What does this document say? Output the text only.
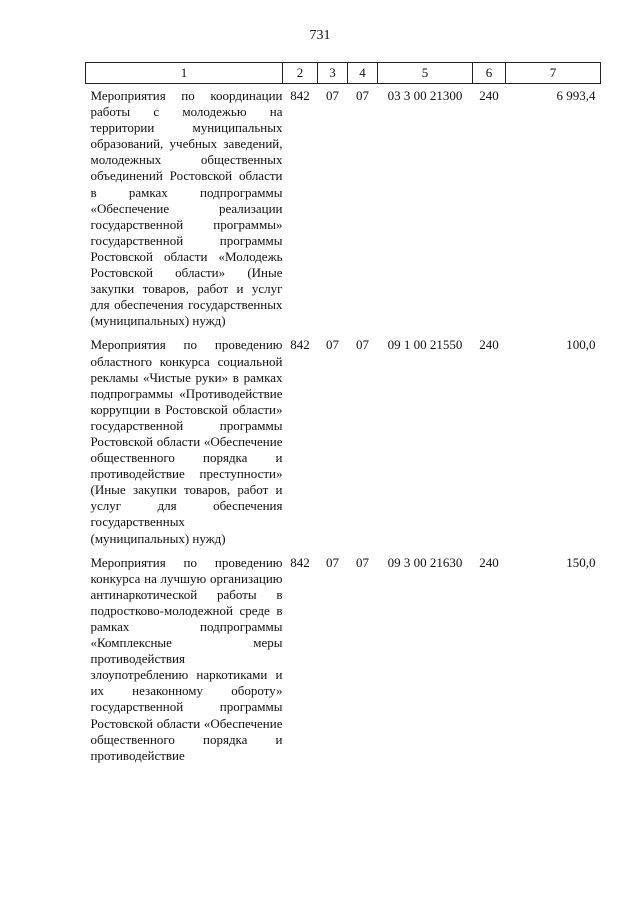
731
1	2	3	4	5	6	7
Мероприятия по координации работы с молодежью на территории муниципальных образований, учебных заведений, молодежных общественных объединений Ростовской области в рамках подпрограммы «Обеспечение реализации государственной программы» государственной программы Ростовской области «Молодежь Ростовской области» (Иные закупки товаров, работ и услуг для обеспечения государственных (муниципальных) нужд)	842	07	07	03 3 00 21300	240	6 993,4
Мероприятия по проведению областного конкурса социальной рекламы «Чистые руки» в рамках подпрограммы «Противодействие коррупции в Ростовской области» государственной программы Ростовской области «Обеспечение общественного порядка и противодействие преступности» (Иные закупки товаров, работ и услуг для обеспечения государственных (муниципальных) нужд)	842	07	07	09 1 00 21550	240	100,0
Мероприятия по проведению конкурса на лучшую организацию антинаркотической работы в подростково-молодежной среде в рамках подпрограммы «Комплексные меры противодействия злоупотреблению наркотиками и их незаконному обороту» государственной программы Ростовской области «Обеспечение общественного порядка и противодействие	842	07	07	09 3 00 21630	240	150,0
